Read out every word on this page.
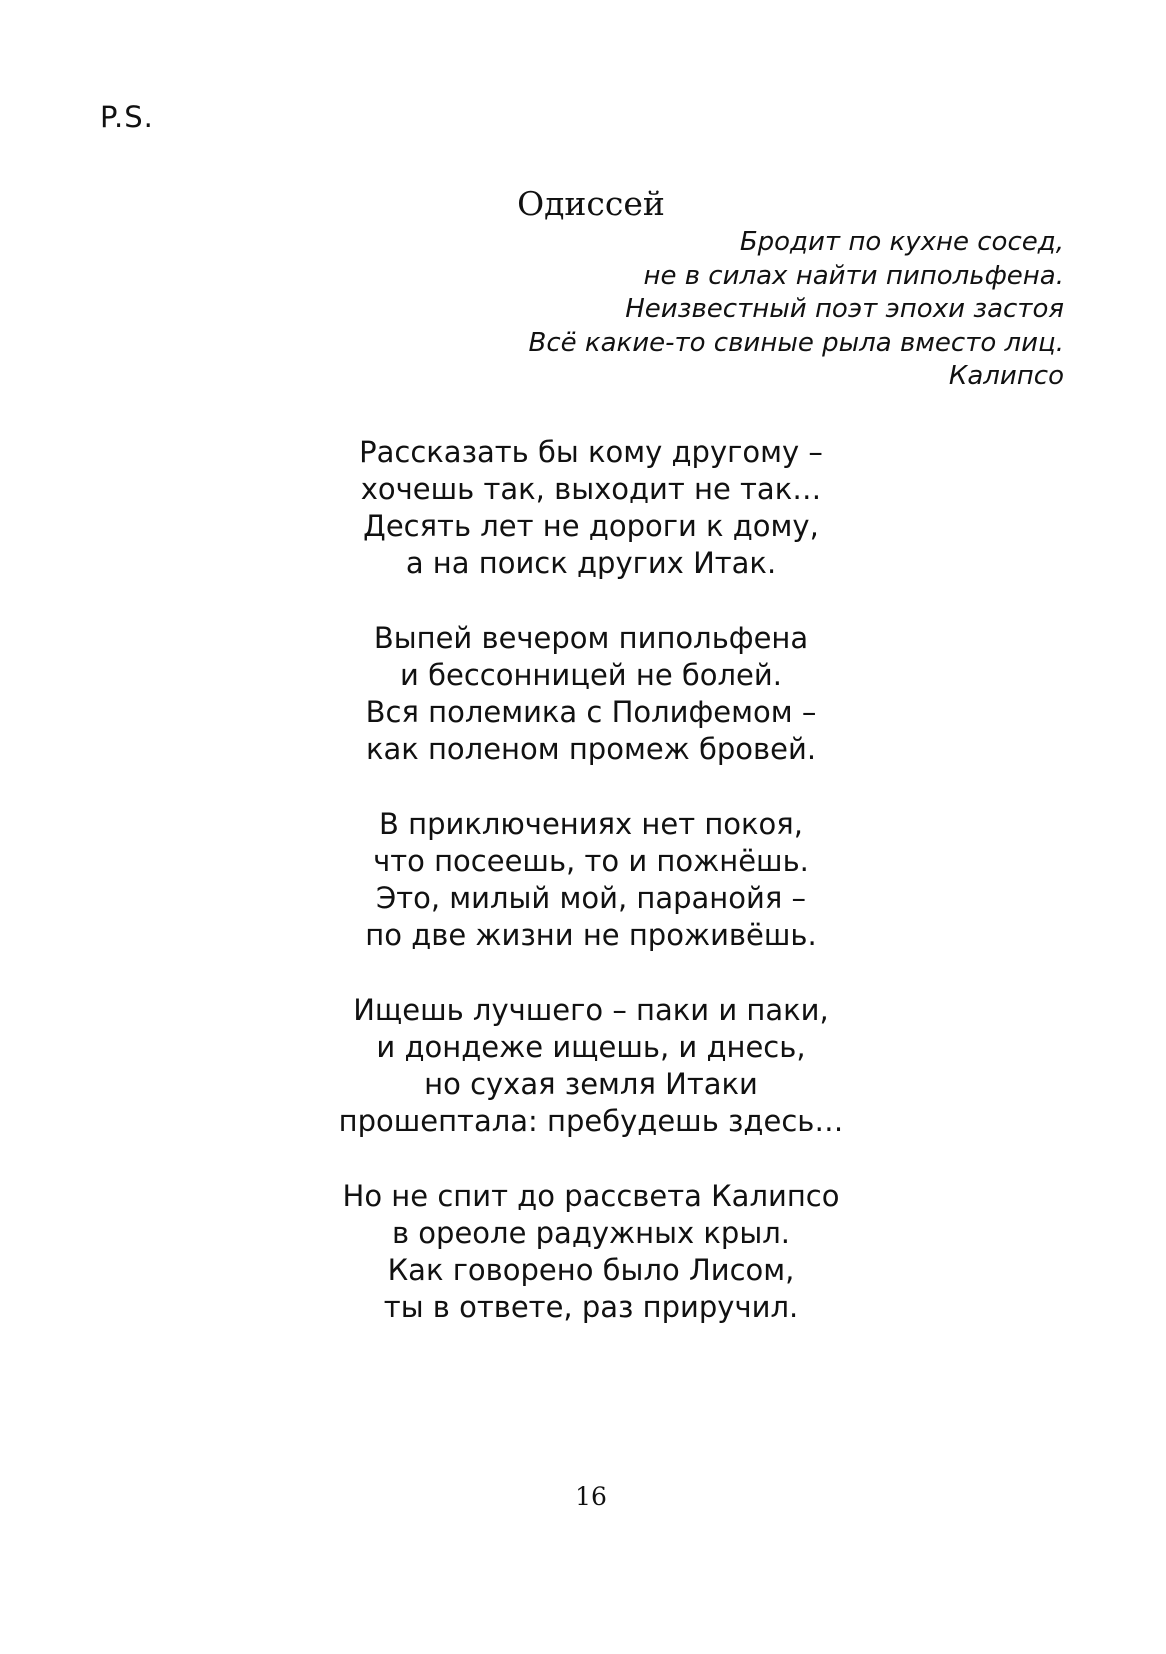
P.S.
Одиссей
Бродит по кухне сосед,
не в силах найти пипольфена.
Неизвестный поэт эпохи застоя
Всё какие-то свиные рыла вместо лиц.
Калипсо
Рассказать бы кому другому –
хочешь так, выходит не так…
Десять лет не дороги к дому,
а на поиск других Итак.
Выпей вечером пипольфена
и бессонницей не болей.
Вся полемика с Полифемом –
как поленом промеж бровей.
В приключениях нет покоя,
что посеешь, то и пожнёшь.
Это, милый мой, паранойя –
по две жизни не проживёшь.
Ищешь лучшего – паки и паки,
и дондеже ищешь, и днесь,
но сухая земля Итаки
прошептала: пребудешь здесь…
Но не спит до рассвета Калипсо
в ореоле радужных крыл.
Как говорено было Лисом,
ты в ответе, раз приручил.
16
